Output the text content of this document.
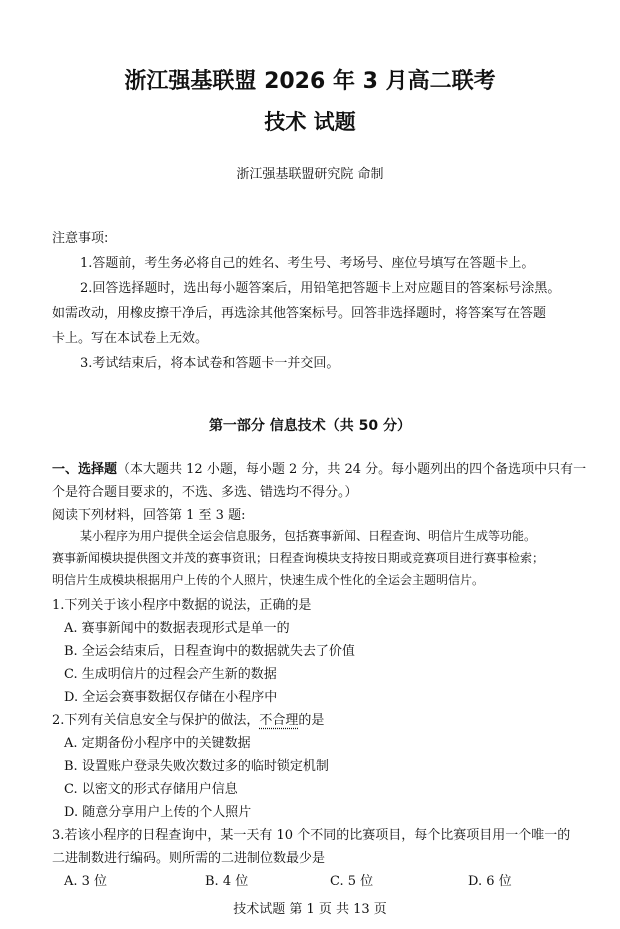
浙江强基联盟 2026 年 3 月高二联考
技术 试题
浙江强基联盟研究院 命制
注意事项:
1.答题前，考生务必将自己的姓名、考生号、考场号、座位号填写在答题卡上。
2.回答选择题时，选出每小题答案后，用铅笔把答题卡上对应题目的答案标号涂黑。
如需改动，用橡皮擦干净后，再选涂其他答案标号。回答非选择题时，将答案写在答题
卡上。写在本试卷上无效。
3.考试结束后，将本试卷和答题卡一并交回。
第一部分 信息技术（共 50 分）
一、选择题（本大题共 12 小题，每小题 2 分，共 24 分。每小题列出的四个备选项中只有一
个是符合题目要求的，不选、多选、错选均不得分。）
阅读下列材料，回答第 1 至 3 题:
某小程序为用户提供全运会信息服务，包括赛事新闻、日程查询、明信片生成等功能。
赛事新闻模块提供图文并茂的赛事资讯；日程查询模块支持按日期或竞赛项目进行赛事检索；
明信片生成模块根据用户上传的个人照片，快速生成个性化的全运会主题明信片。
1.下列关于该小程序中数据的说法，正确的是
A. 赛事新闻中的数据表现形式是单一的
B. 全运会结束后，日程查询中的数据就失去了价值
C. 生成明信片的过程会产生新的数据
D. 全运会赛事数据仅存储在小程序中
2.下列有关信息安全与保护的做法，不合理的是
A. 定期备份小程序中的关键数据
B. 设置账户登录失败次数过多的临时锁定机制
C. 以密文的形式存储用户信息
D. 随意分享用户上传的个人照片
3.若该小程序的日程查询中，某一天有 10 个不同的比赛项目，每个比赛项目用一个唯一的
二进制数进行编码。则所需的二进制位数最少是
A. 3 位	B. 4 位	C. 5 位	D. 6 位
技术试题 第 1 页 共 13 页
